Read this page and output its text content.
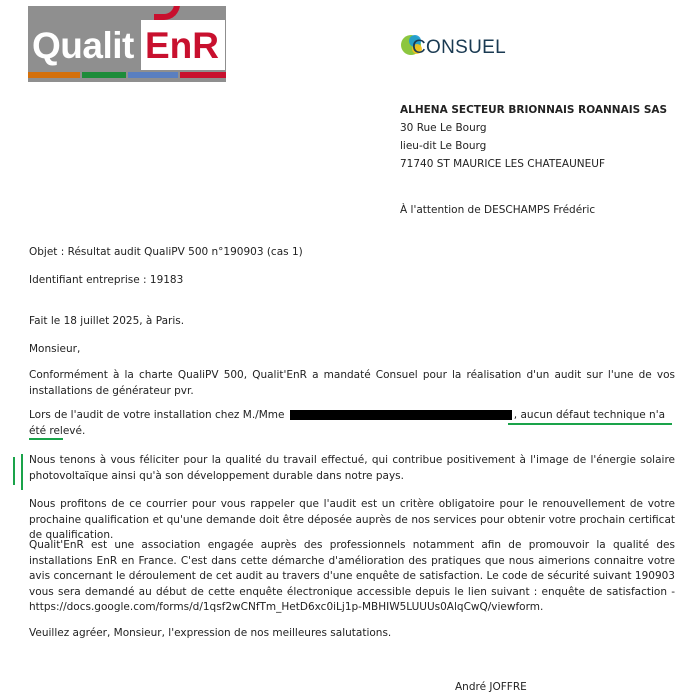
Qualit EnR	CONSUEL
ALHENA SECTEUR BRIONNAIS ROANNAIS SAS
30 Rue Le Bourg
lieu-dit Le Bourg
71740 ST MAURICE LES CHATEAUNEUF
À l'attention de DESCHAMPS Frédéric
Objet : Résultat audit QualiPV 500 n°190903 (cas 1)
Identifiant entreprise : 19183
Fait le 18 juillet 2025, à Paris.
Monsieur,
Conformément à la charte QualiPV 500, Qualit'EnR a mandaté Consuel pour la réalisation d'un audit sur l'une de vos installations de générateur pvr.
Lors de l'audit de votre installation chez M./Mme	, aucun défaut technique n'a été relevé.
Nous tenons à vous féliciter pour la qualité du travail effectué, qui contribue positivement à l'image de l'énergie solaire photovoltaïque ainsi qu'à son développement durable dans notre pays.
Nous profitons de ce courrier pour vous rappeler que l'audit est un critère obligatoire pour le renouvellement de votre prochaine qualification et qu'une demande doit être déposée auprès de nos services pour obtenir votre prochain certificat de qualification.
Qualit'EnR est une association engagée auprès des professionnels notamment afin de promouvoir la qualité des installations EnR en France. C'est dans cette démarche d'amélioration des pratiques que nous aimerions connaitre votre avis concernant le déroulement de cet audit au travers d'une enquête de satisfaction. Le code de sécurité suivant 190903 vous sera demandé au début de cette enquête électronique accessible depuis le lien suivant : enquête de satisfaction - https://docs.google.com/forms/d/1qsf2wCNfTm_HetD6xc0iLj1p-MBHIW5LUUUs0AlqCwQ/viewform.
Veuillez agréer, Monsieur, l'expression de nos meilleures salutations.
André JOFFRE
